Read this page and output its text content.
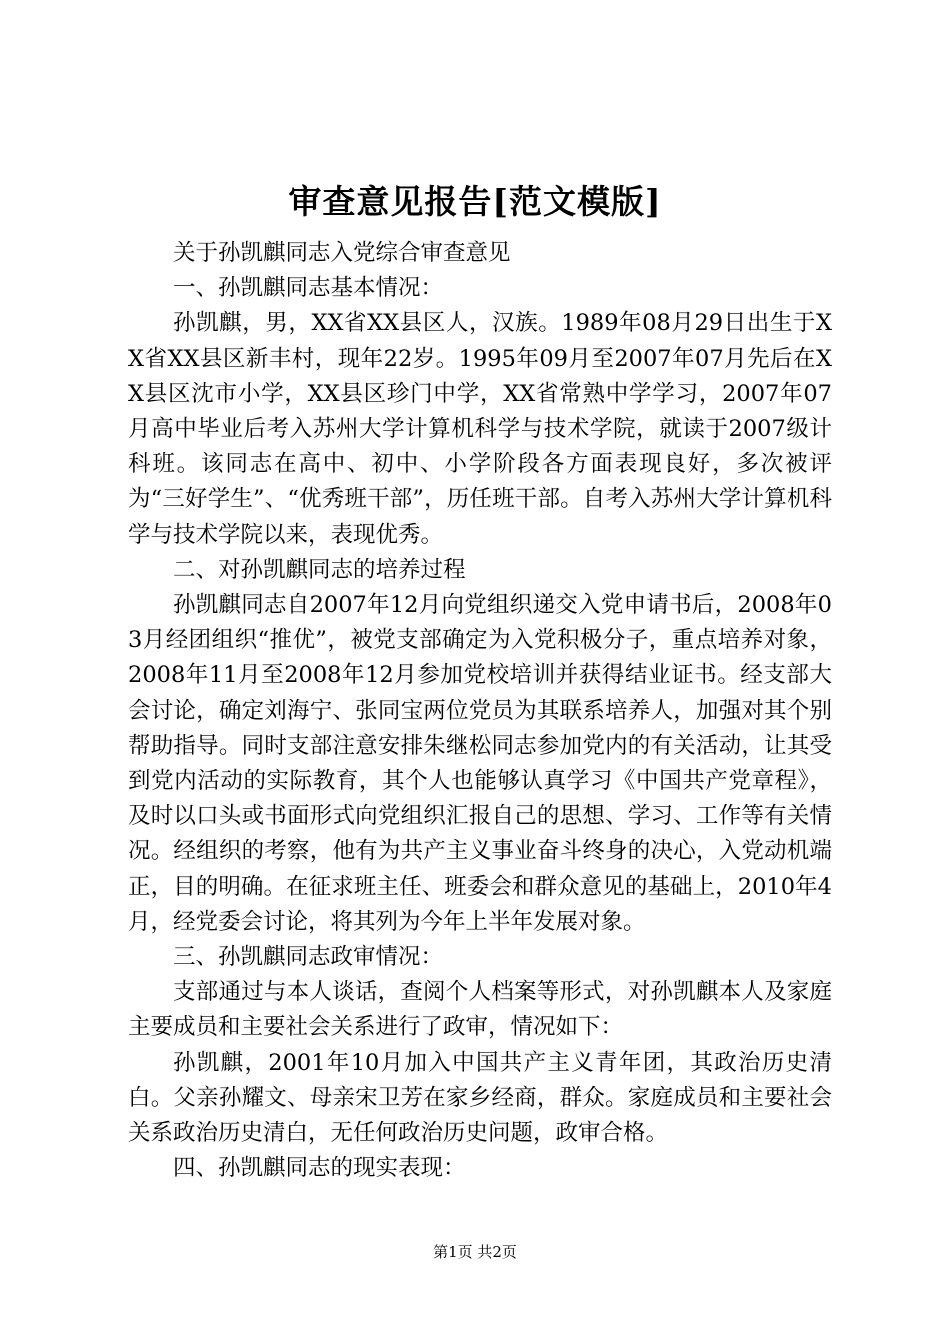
审查意见报告[范文模版]

关于孙凯麒同志入党综合审查意见

一、孙凯麒同志基本情况：

孙凯麒，男，XX省XX县区人，汉族。1989年08月29日出生于XX省XX县区新丰村，现年22岁。1995年09月至2007年07月先后在XX县区沈市小学，XX县区珍门中学，XX省常熟中学学习，2007年07月高中毕业后考入苏州大学计算机科学与技术学院，就读于2007级计科班。该同志在高中、初中、小学阶段各方面表现良好，多次被评为“三好学生”、“优秀班干部”，历任班干部。自考入苏州大学计算机科学与技术学院以来，表现优秀。

二、对孙凯麒同志的培养过程

孙凯麒同志自2007年12月向党组织递交入党申请书后，2008年03月经团组织“推优”，被党支部确定为入党积极分子，重点培养对象，2008年11月至2008年12月参加党校培训并获得结业证书。经支部大会讨论，确定刘海宁、张同宝两位党员为其联系培养人，加强对其个别帮助指导。同时支部注意安排朱继松同志参加党内的有关活动，让其受到党内活动的实际教育，其个人也能够认真学习《中国共产党章程》，及时以口头或书面形式向党组织汇报自己的思想、学习、工作等有关情况。经组织的考察，他有为共产主义事业奋斗终身的决心，入党动机端正，目的明确。在征求班主任、班委会和群众意见的基础上，2010年4月，经党委会讨论，将其列为今年上半年发展对象。

三、孙凯麒同志政审情况：

支部通过与本人谈话，查阅个人档案等形式，对孙凯麒本人及家庭主要成员和主要社会关系进行了政审，情况如下：

孙凯麒，2001年10月加入中国共产主义青年团，其政治历史清白。父亲孙耀文、母亲宋卫芳在家乡经商，群众。家庭成员和主要社会关系政治历史清白，无任何政治历史问题，政审合格。

四、孙凯麒同志的现实表现：

第1页 共2页
